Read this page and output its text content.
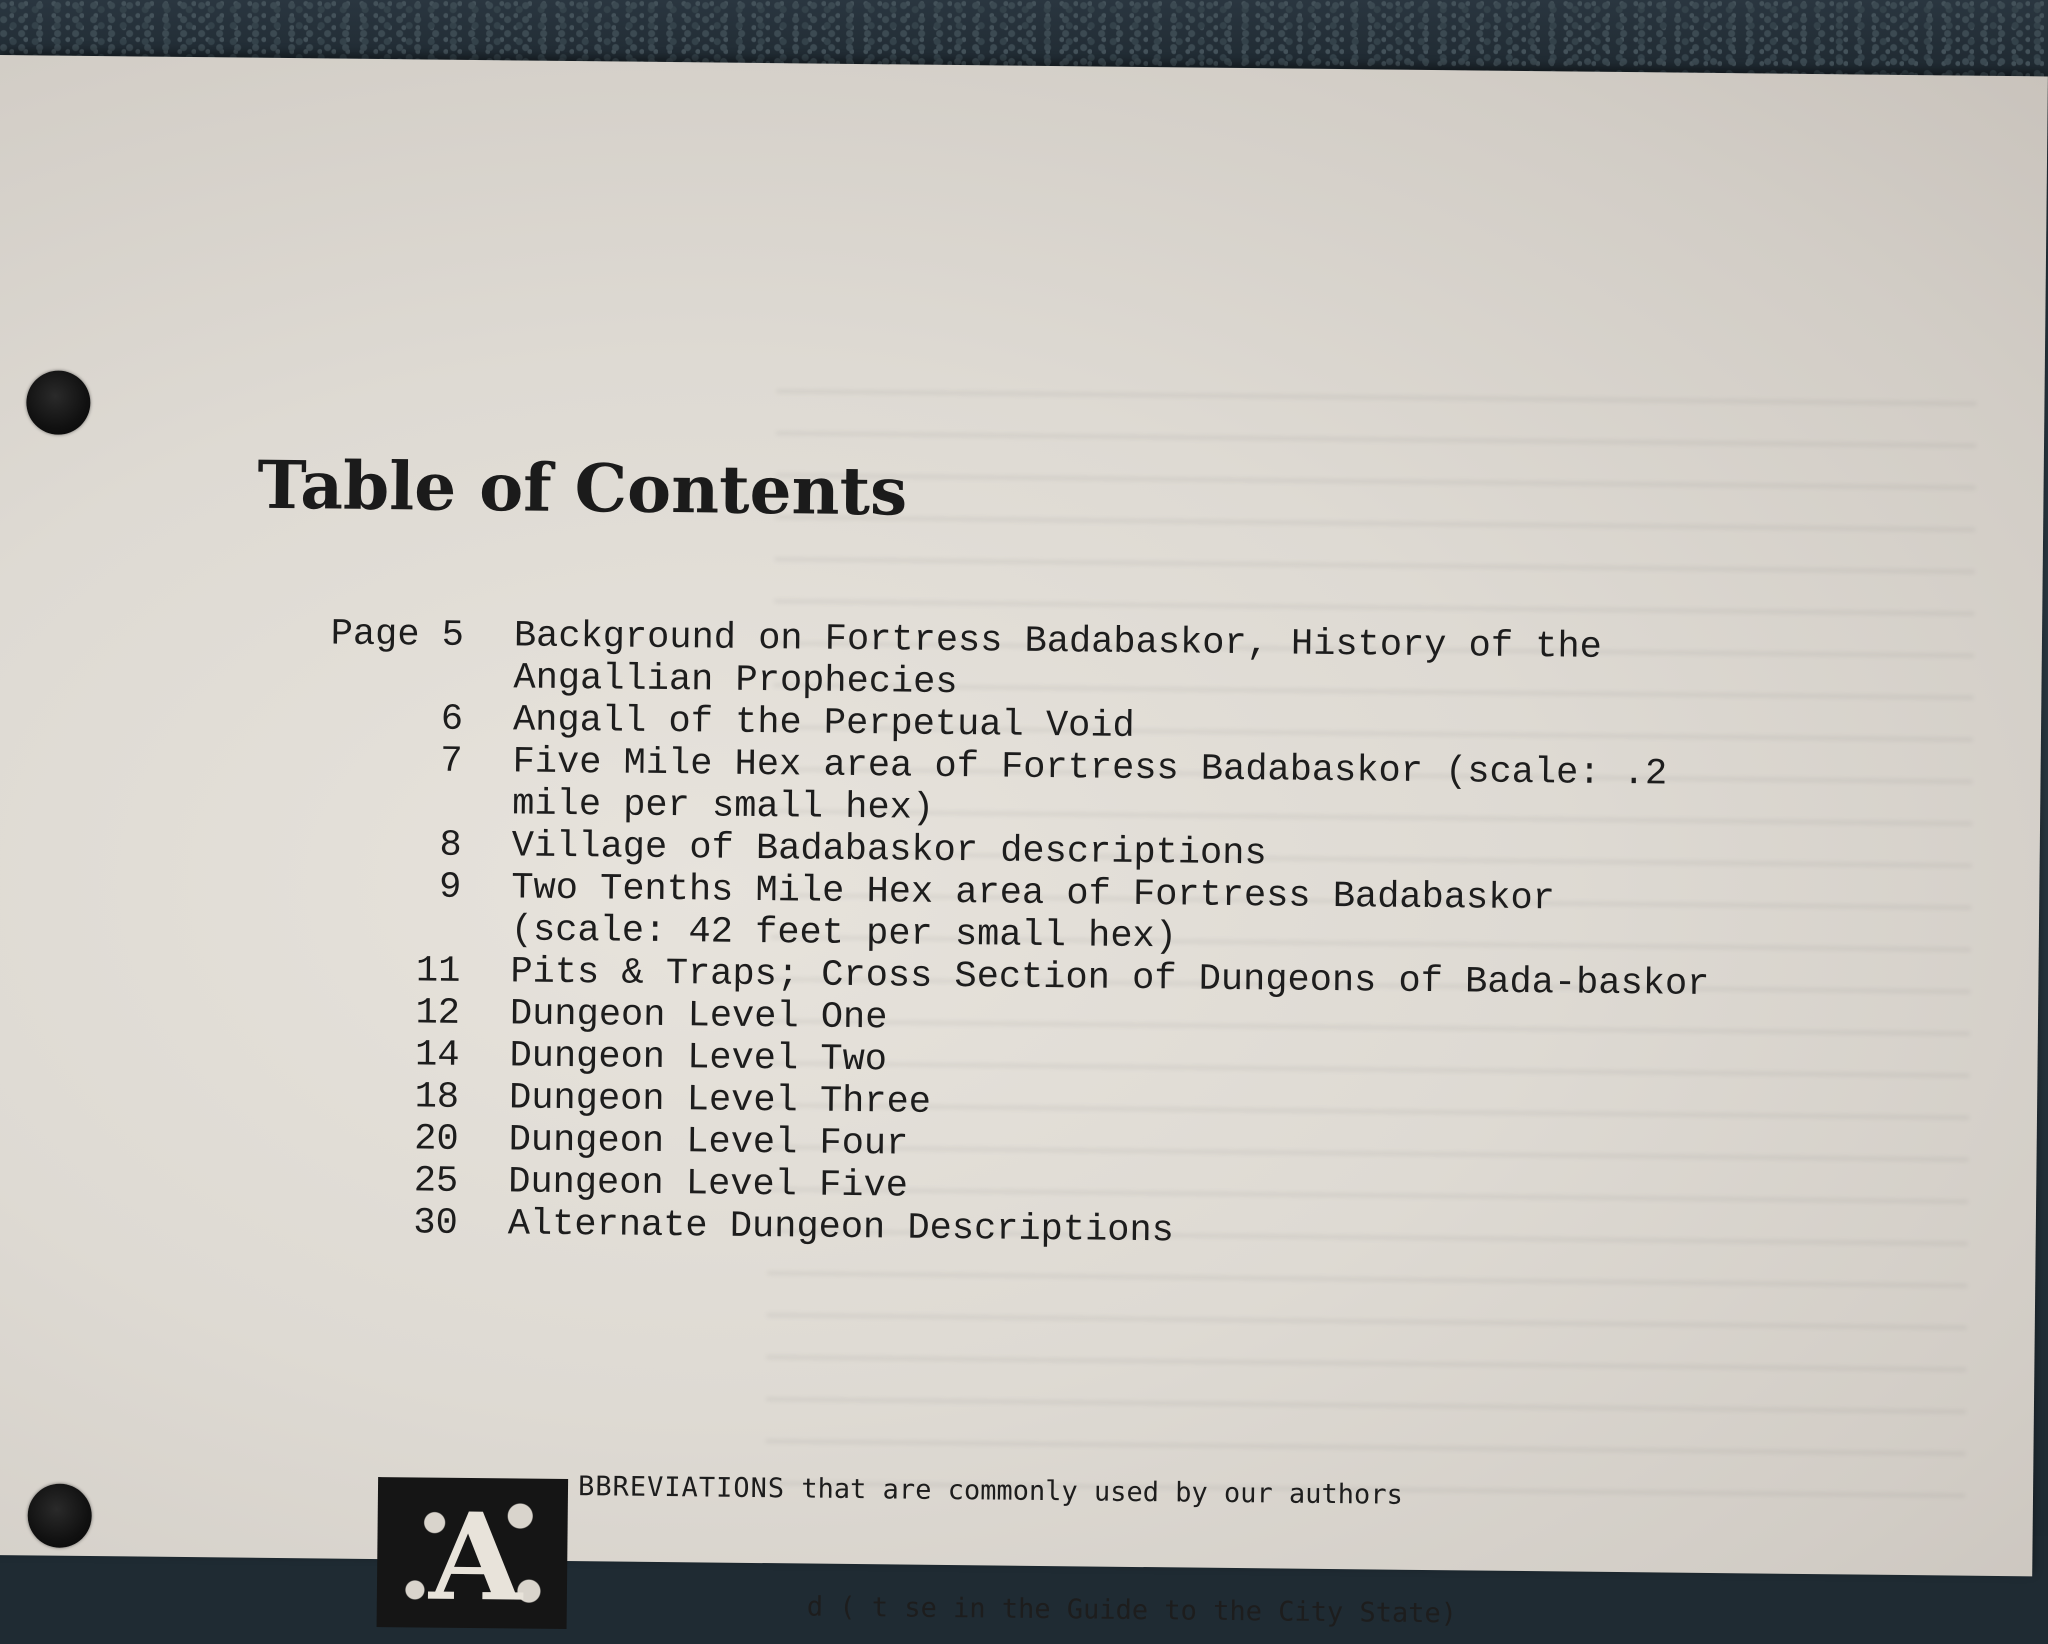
Table of Contents
Page 5 Background on Fortress Badabaskor, History of the Angallian Prophecies
6 Angall of the Perpetual Void
7 Five Mile Hex area of Fortress Badabaskor (scale: .2 mile per small hex)
8 Village of Badabaskor descriptions
9 Two Tenths Mile Hex area of Fortress Badabaskor (scale: 42 feet per small hex)
11 Pits & Traps; Cross Section of Dungeons of Bada-baskor
12 Dungeon Level One
14 Dungeon Level Two
18 Dungeon Level Three
20 Dungeon Level Four
25 Dungeon Level Five
30 Alternate Dungeon Descriptions
A BBREVIATIONS that are commonly used by our authors
d ( t se in the Guide to the City State)
